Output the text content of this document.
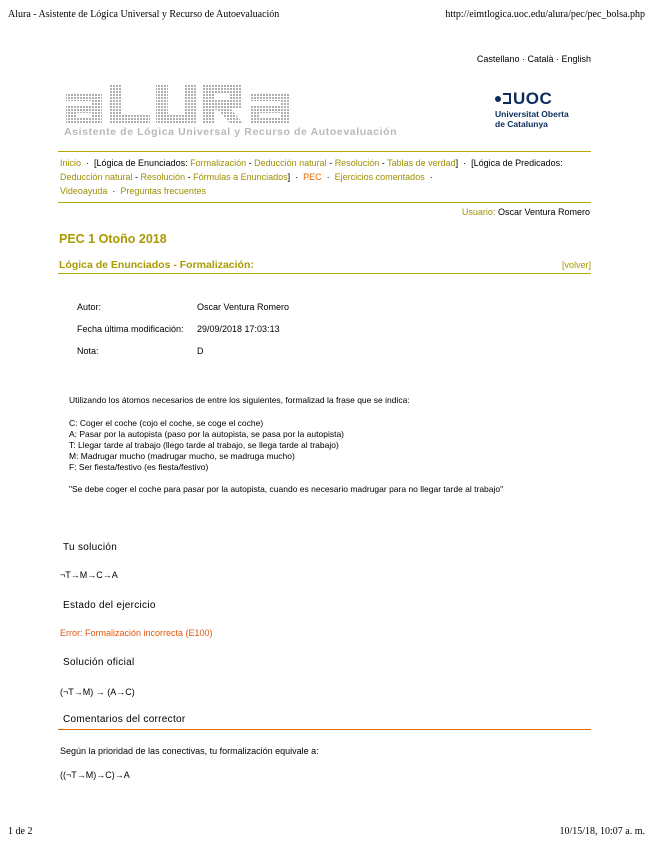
Alura - Asistente de Lógica Universal y Recurso de Autoevaluación	http://eimtlogica.uoc.edu/alura/pec/pec_bolsa.php
Castellano · Català · English
Asistente de Lógica Universal y Recurso de Autoevaluación
UOC
Universitat Oberta
de Catalunya
Inicio  ·  [Lógica de Enunciados: Formalización - Deducción natural - Resolución - Tablas de verdad]  ·  [Lógica de Predicados: Deducción natural - Resolución - Fórmulas a Enunciados]  ·  PEC  ·  Ejercicios comentados  ·
Videoayuda  ·  Preguntas frecuentes
Usuario: Oscar Ventura Romero
PEC 1 Otoño 2018
Lógica de Enunciados - Formalización:	[volver]
Autor:	Oscar Ventura Romero
Fecha última modificación: 29/09/2018 17:03:13
Nota:	D
Utilizando los átomos necesarios de entre los siguientes, formalizad la frase que se indica:
C: Coger el coche (cojo el coche, se coge el coche)
A: Pasar por la autopista (paso por la autopista, se pasa por la autopista)
T: Llegar tarde al trabajo (llego tarde al trabajo, se llega tarde al trabajo)
M: Madrugar mucho (madrugar mucho, se madruga mucho)
F: Ser fiesta/festivo (es fiesta/festivo)
"Se debe coger el coche para pasar por la autopista, cuando es necesario madrugar para no llegar tarde al trabajo"
Tu solución
¬T→M→C→A
Estado del ejercicio
Error: Formalización incorrecta (E100)
Solución oficial
(¬T→M) → (A→C)
Comentarios del corrector
Según la prioridad de las conectivas, tu formalización equivale a:
((¬T→M)→C)→A
1 de 2	10/15/18, 10:07 a. m.
